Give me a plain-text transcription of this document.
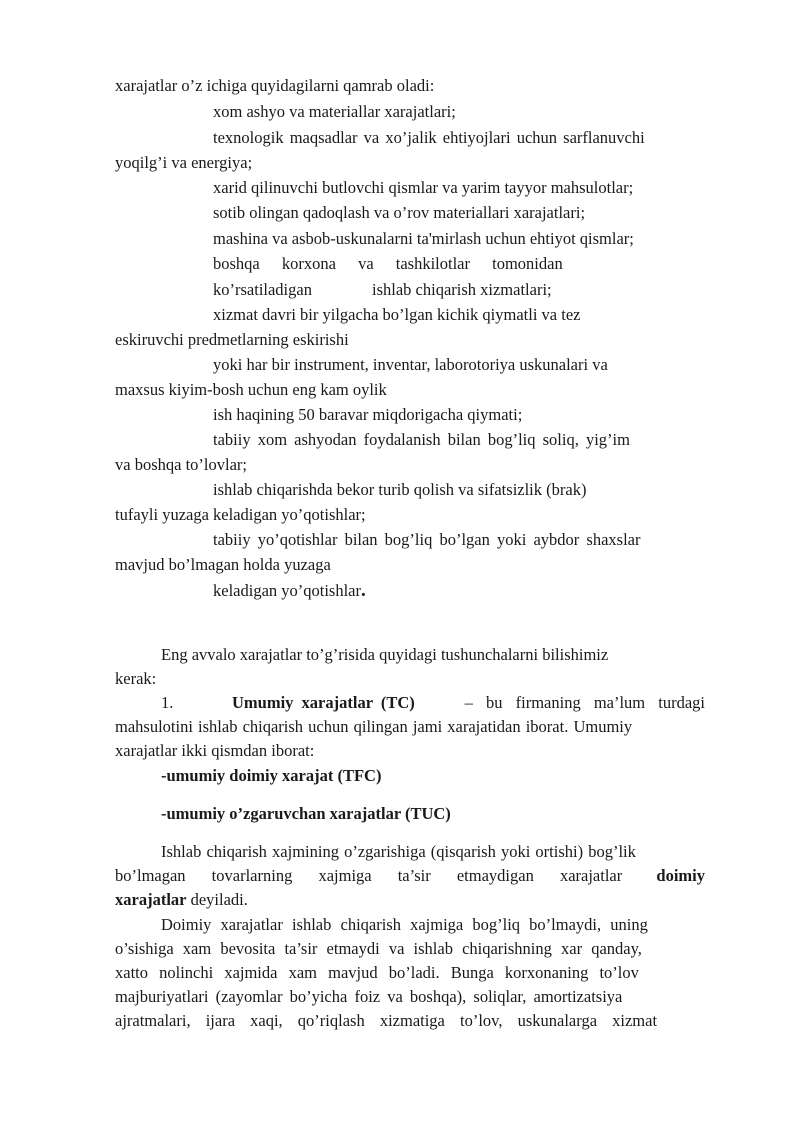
xarajatlar o’z ichiga quyidagilarni qamrab oladi:
xom ashyo va materiallar xarajatlari;
texnologik maqsadlar va xo’jalik ehtiyojlari uchun sarflanuvchi
yoqilg’i va energiya;
xarid qilinuvchi butlovchi qismlar va yarim tayyor mahsulotlar;
sotib olingan qadoqlash va o’rov materiallari xarajatlari;
mashina va asbob-uskunalarni ta'mirlash uchun ehtiyot qismlar;
boshqa korxona va tashkilotlar tomonidan
ko’rsatiladigan	ishlab chiqarish xizmatlari;
xizmat davri bir yilgacha bo’lgan kichik qiymatli va tez
eskiruvchi predmetlarning eskirishi
yoki har bir instrument, inventar, laborotoriya uskunalari va
maxsus kiyim-bosh uchun eng kam oylik
ish haqining 50 baravar miqdorigacha qiymati;
tabiiy xom ashyodan foydalanish bilan bog’liq soliq, yig’im
va boshqa to’lovlar;
ishlab chiqarishda bekor turib qolish va sifatsizlik (brak)
tufayli yuzaga keladigan yo’qotishlar;
tabiiy yo’qotishlar bilan bog’liq bo’lgan yoki aybdor shaxslar
mavjud bo’lmagan holda yuzaga
keladigan yo’qotishlar.
Eng avvalo xarajatlar to’g’risida quyidagi tushunchalarni bilishimiz
kerak:
1.	Umumiy xarajatlar (TC)	– bu firmaning ma’lum turdagi
mahsulotini ishlab chiqarish uchun qilingan jami xarajatidan iborat. Umumiy
xarajatlar ikki qismdan iborat:
-umumiy doimiy xarajat (TFC)
-umumiy o’zgaruvchan xarajatlar (TUC)
Ishlab chiqarish xajmining o’zgarishiga (qisqarish yoki ortishi) bog’lik
bo’lmagan tovarlarning xajmiga ta’sir etmaydigan xarajatlar doimiy
xarajatlar deyiladi.
Doimiy xarajatlar ishlab chiqarish xajmiga bog’liq bo’lmaydi, uning
o’sishiga xam bevosita ta’sir etmaydi va ishlab chiqarishning xar qanday,
xatto nolinchi xajmida xam mavjud bo’ladi. Bunga korxonaning to’lov
majburiyatlari (zayomlar bo’yicha foiz va boshqa), soliqlar, amortizatsiya
ajratmalari, ijara xaqi, qo’riqlash xizmatiga to’lov, uskunalarga xizmat
